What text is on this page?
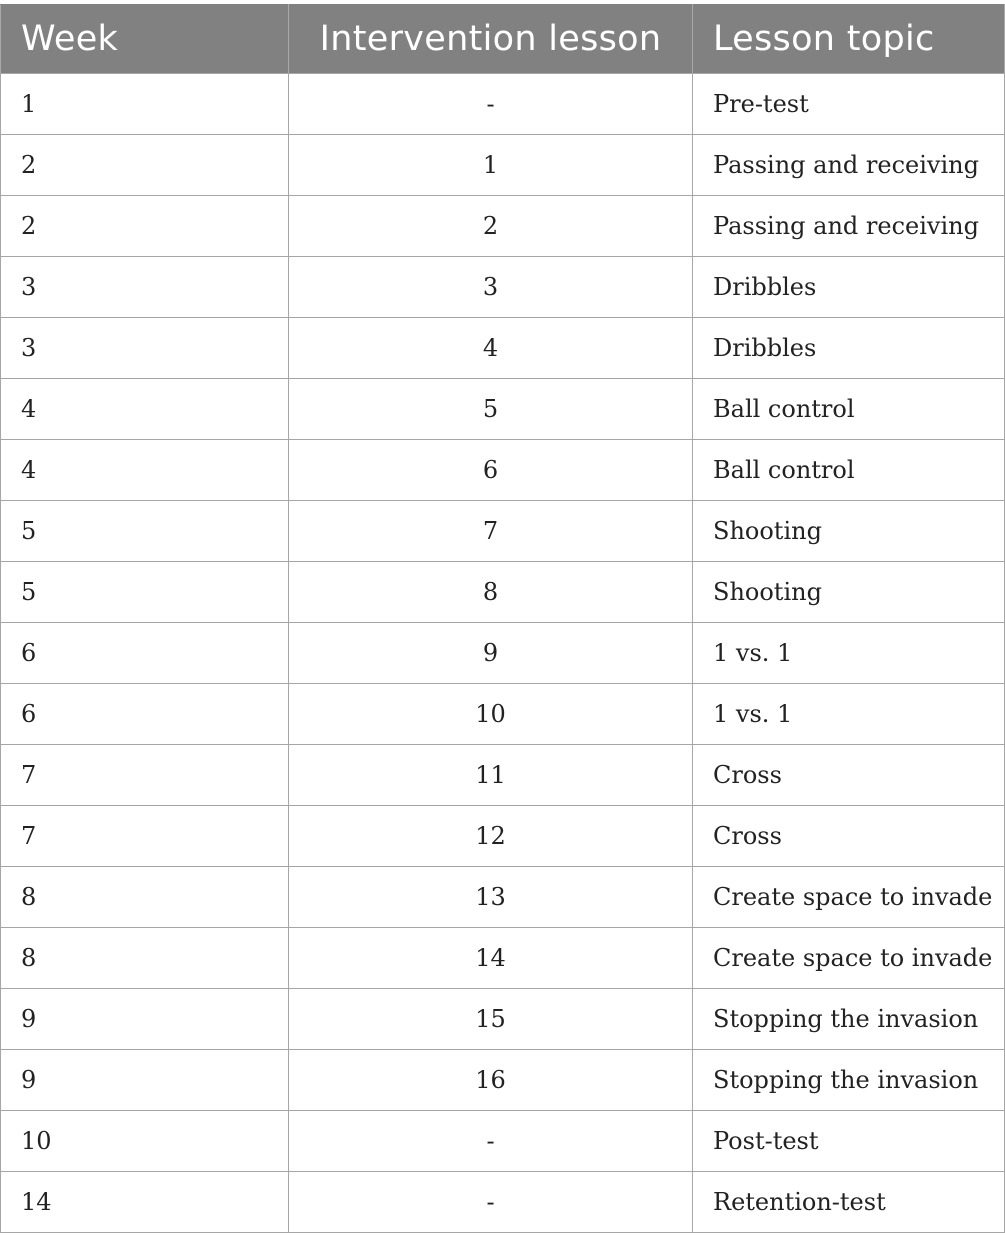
Week	Intervention lesson	Lesson topic
1	-	Pre-test
2	1	Passing and receiving
2	2	Passing and receiving
3	3	Dribbles
3	4	Dribbles
4	5	Ball control
4	6	Ball control
5	7	Shooting
5	8	Shooting
6	9	1 vs. 1
6	10	1 vs. 1
7	11	Cross
7	12	Cross
8	13	Create space to invade
8	14	Create space to invade
9	15	Stopping the invasion
9	16	Stopping the invasion
10	-	Post-test
14	-	Retention-test
